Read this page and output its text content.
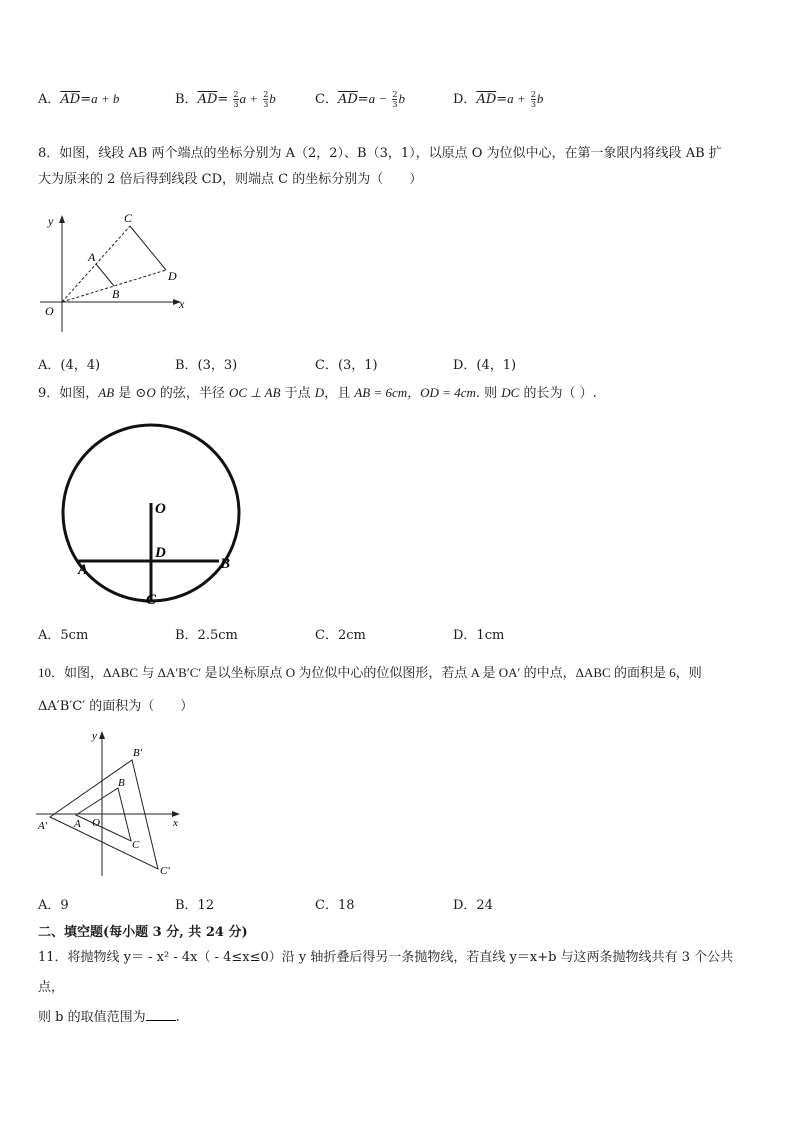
A．$\overline{AD}=a + b$	B．$\overline{AD}= \frac{2}{3}$ $a + \frac{2}{3}$ b	C．$\overline{AD}=a - \frac{2}{3}$ b	D．$\overline{AD}=a + \frac{2}{3}$ b
8．如图，线段 AB 两个端点的坐标分别为 A（2，2）、B（3，1），以原点 O 为位似中心，在第一象限内将线段 AB 扩
大为原来的 2 倍后得到线段 CD，则端点 C 的坐标分别为（　　）
y
x
O
A
B
C
D
A．(4，4)	B．(3，3)	C．(3，1)	D．(4，1)
9．如图，AB 是 ⊙O 的弦，半径 OC ⊥ AB 于点 D，且 AB = 6cm，OD = 4cm. 则 DC 的长为（ ）.
O
D
A	B
C
A．5cm	B．2.5cm	C．2cm	D．1cm
10．如图，ΔABC 与 ΔA′B′C′ 是以坐标原点 O 为位似中心的位似图形，若点 A 是 OA′ 的中点，ΔABC 的面积是 6，则
ΔA′B′C′ 的面积为（　　）
y
x
O
A
A′
B
B′
C
C′
A．9	B．12	C．18	D．24
二、填空题(每小题 3 分, 共 24 分)
11．将抛物线 y＝ - x² - 4x（ - 4≤x≤0）沿 y 轴折叠后得另一条抛物线，若直线 y＝x+b 与这两条抛物线共有 3 个公共点，
则 b 的取值范围为 .
